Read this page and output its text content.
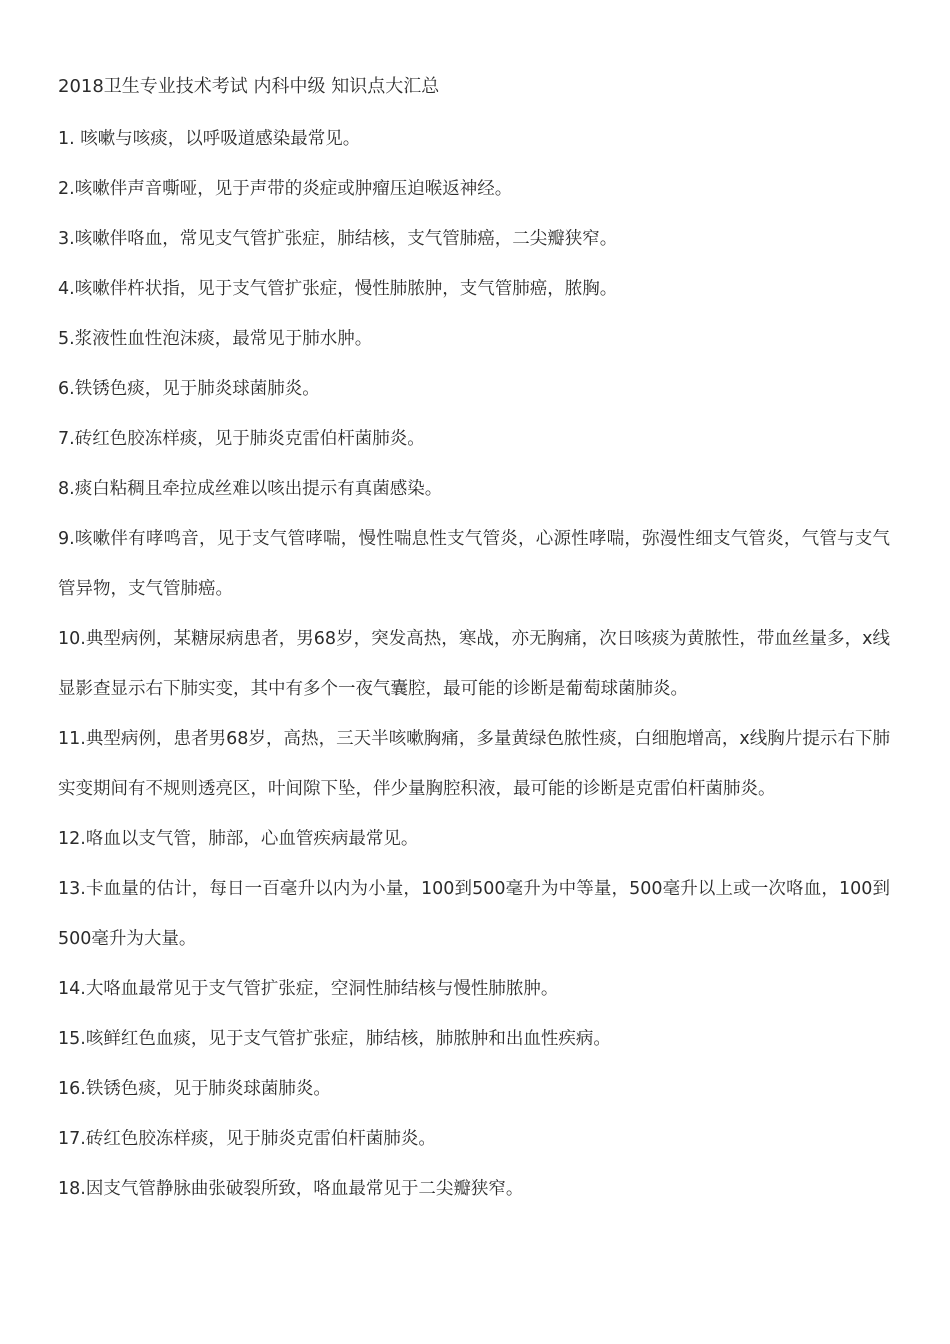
2018卫生专业技术考试 内科中级 知识点大汇总
1. 咳嗽与咳痰，以呼吸道感染最常见。
2.咳嗽伴声音嘶哑，见于声带的炎症或肿瘤压迫喉返神经。
3.咳嗽伴咯血，常见支气管扩张症，肺结核，支气管肺癌，二尖瓣狭窄。
4.咳嗽伴杵状指，见于支气管扩张症，慢性肺脓肿，支气管肺癌，脓胸。
5.浆液性血性泡沫痰，最常见于肺水肿。
6.铁锈色痰，见于肺炎球菌肺炎。
7.砖红色胶冻样痰，见于肺炎克雷伯杆菌肺炎。
8.痰白粘稠且牵拉成丝难以咳出提示有真菌感染。
9.咳嗽伴有哮鸣音，见于支气管哮喘，慢性喘息性支气管炎，心源性哮喘，弥漫性细支气管炎，气管与支气管异物，支气管肺癌。
10.典型病例，某糖尿病患者，男68岁，突发高热，寒战，亦无胸痛，次日咳痰为黄脓性，带血丝量多，x线显影查显示右下肺实变，其中有多个一夜气囊腔，最可能的诊断是葡萄球菌肺炎。
11.典型病例，患者男68岁，高热，三天半咳嗽胸痛，多量黄绿色脓性痰，白细胞增高，x线胸片提示右下肺实变期间有不规则透亮区，叶间隙下坠，伴少量胸腔积液，最可能的诊断是克雷伯杆菌肺炎。
12.咯血以支气管，肺部，心血管疾病最常见。
13.卡血量的估计，每日一百毫升以内为小量，100到500毫升为中等量，500毫升以上或一次咯血，100到500毫升为大量。
14.大咯血最常见于支气管扩张症，空洞性肺结核与慢性肺脓肿。
15.咳鲜红色血痰，见于支气管扩张症，肺结核，肺脓肿和出血性疾病。
16.铁锈色痰，见于肺炎球菌肺炎。
17.砖红色胶冻样痰，见于肺炎克雷伯杆菌肺炎。
18.因支气管静脉曲张破裂所致，咯血最常见于二尖瓣狭窄。
